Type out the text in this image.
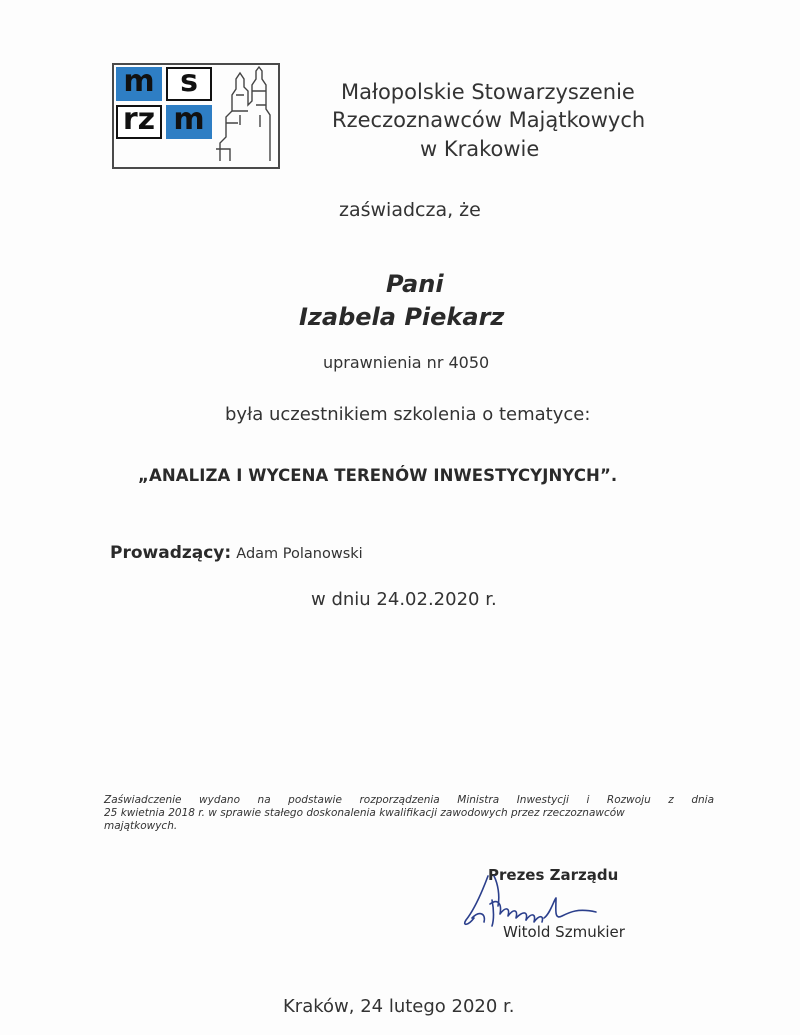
m s
rz m
Małopolskie Stowarzyszenie
Rzeczoznawców Majątkowych
w Krakowie
zaświadcza, że
Pani
Izabela Piekarz
uprawnienia nr 4050
była uczestnikiem szkolenia o tematyce:
„ANALIZA I WYCENA TERENÓW INWESTYCYJNYCH”.
Prowadzący: Adam Polanowski
w dniu 24.02.2020 r.
Zaświadczenie wydano na podstawie rozporządzenia Ministra Inwestycji i Rozwoju z dnia
25 kwietnia 2018 r. w sprawie stałego doskonalenia kwalifikacji zawodowych przez rzeczoznawców
majątkowych.
Prezes Zarządu
Witold Szmukier
Kraków, 24 lutego 2020 r.
